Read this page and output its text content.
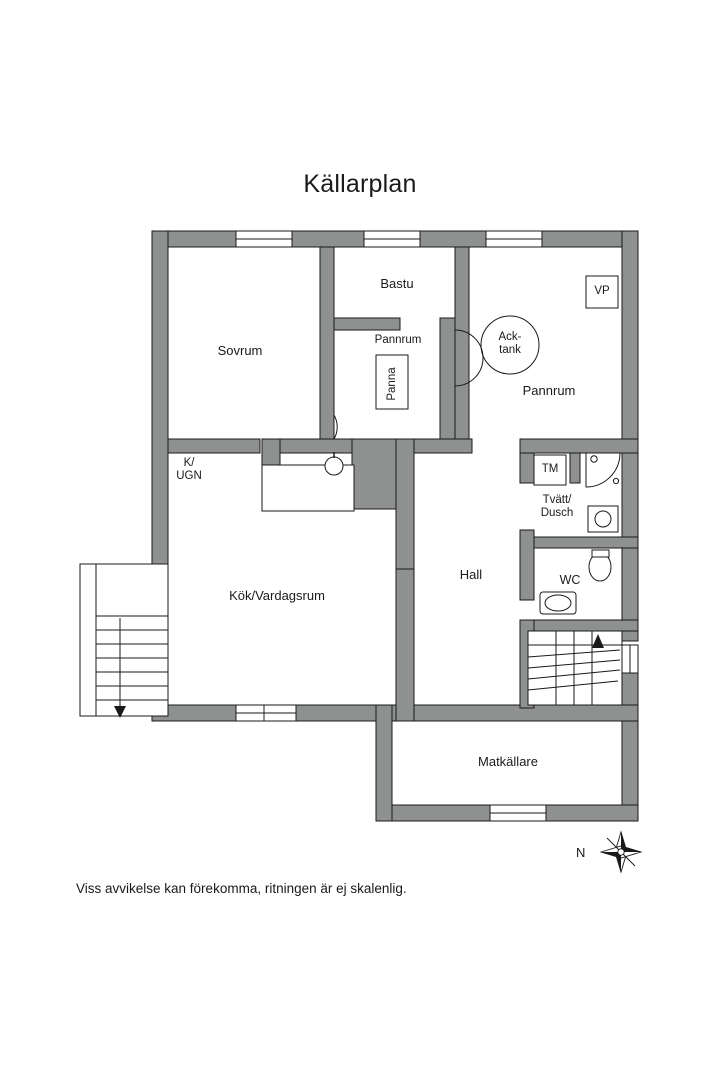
Källarplan
Sovrum
Bastu
Pannrum
Panna
Ack-
tank
Pannrum
VP
K/
UGN
TM
Tvätt/
Dusch
WC
Hall
Kök/Vardagsrum
Matkällare
N
Viss avvikelse kan förekomma, ritningen är ej skalenlig.
